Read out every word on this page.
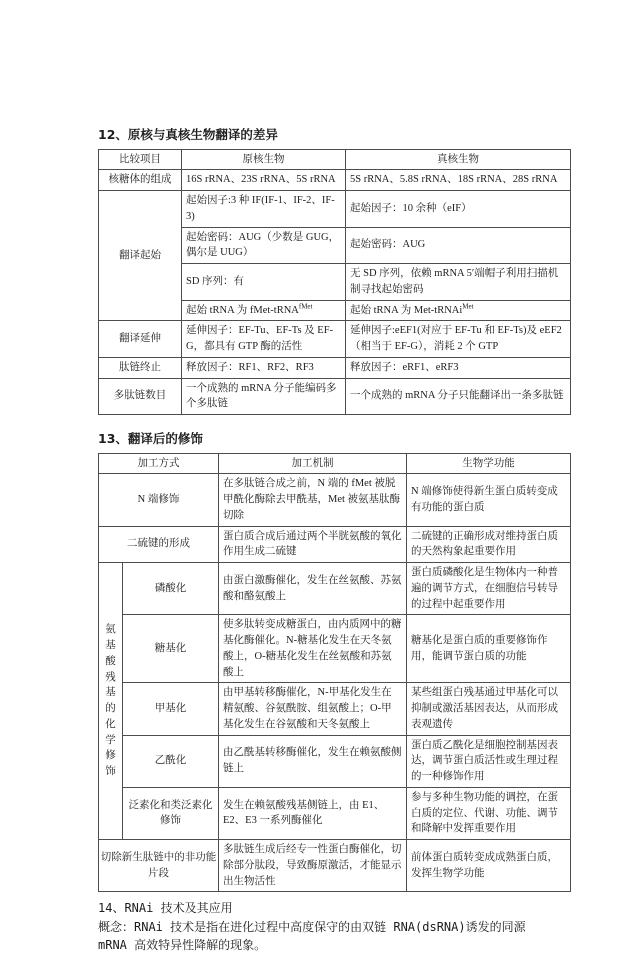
12、原核与真核生物翻译的差异
比较项目	原核生物	真核生物
核糖体的组成	16S rRNA、23S rRNA、5S rRNA	5S rRNA、5.8S rRNA、18S rRNA、28S rRNA
翻译起始	起始因子:3 种 IF(IF-1、IF-2、IF-3)	起始因子：10 余种（eIF）
	起始密码：AUG（少数是 GUG，偶尔是 UUG）	起始密码：AUG
	SD 序列：有	无 SD 序列，依赖 mRNA 5′端帽子利用扫描机制寻找起始密码
	起始 tRNA 为 fMet-tRNA$^{fMet}$	起始 tRNA 为 Met-tRNAi$^{Met}$
翻译延伸	延伸因子：EF-Tu、EF-Ts 及 EF-G，都具有 GTP 酶的活性	延伸因子:eEF1(对应于 EF-Tu 和 EF-Ts)及 eEF2（相当于 EF-G），消耗 2 个 GTP
肽链终止	释放因子：RF1、RF2、RF3	释放因子：eRF1、eRF3
多肽链数目	一个成熟的 mRNA 分子能编码多个多肽链	一个成熟的 mRNA 分子只能翻译出一条多肽链
13、翻译后的修饰
加工方式		加工机制	生物学功能
N 端修饰		在多肽链合成之前，N 端的 fMet 被脱甲酰化酶除去甲酰基，Met 被氨基肽酶切除	N 端修饰使得新生蛋白质转变成有功能的蛋白质
二硫键的形成		蛋白质合成后通过两个半胱氨酸的氧化作用生成二硫键	二硫键的正确形成对维持蛋白质的天然构象起重要作用
氨基酸残基的化学修饰	磷酸化	由蛋白激酶催化，发生在丝氨酸、苏氨酸和酪氨酸上	蛋白质磷酸化是生物体内一种普遍的调节方式，在细胞信号转导的过程中起重要作用
	糖基化	使多肽转变成糖蛋白，由内质网中的糖基化酶催化。N-糖基化发生在天冬氨酸上，O-糖基化发生在丝氨酸和苏氨酸上	糖基化是蛋白质的重要修饰作用，能调节蛋白质的功能
	甲基化	由甲基转移酶催化，N-甲基化发生在精氨酸、谷氨酰胺、组氨酸上；O-甲基化发生在谷氨酸和天冬氨酸上	某些组蛋白残基通过甲基化可以抑制或激活基因表达，从而形成表观遗传
	乙酰化	由乙酰基转移酶催化，发生在赖氨酸侧链上	蛋白质乙酰化是细胞控制基因表达，调节蛋白质活性或生理过程的一种修饰作用
	泛素化和类泛素化修饰	发生在赖氨酸残基侧链上，由 E1、E2、E3 一系列酶催化	参与多种生物功能的调控，在蛋白质的定位、代谢、功能、调节和降解中发挥重要作用
切除新生肽链中的非功能片段		多肽链生成后经专一性蛋白酶催化，切除部分肽段，导致酶原激活，才能显示出生物活性	前体蛋白质转变成成熟蛋白质，发挥生物学功能
14、RNAi 技术及其应用
概念：RNAi 技术是指在进化过程中高度保守的由双链 RNA(dsRNA)诱发的同源
mRNA 高效特异性降解的现象。
